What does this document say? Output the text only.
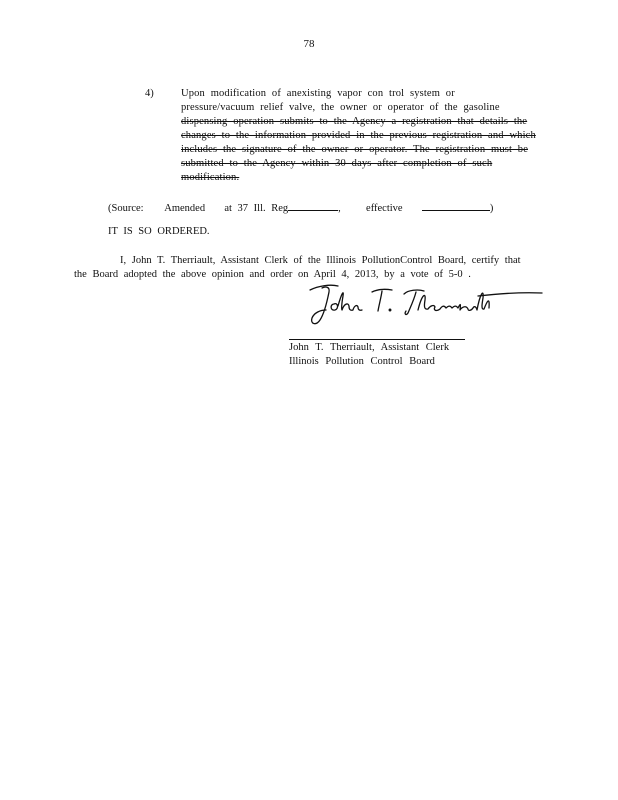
78
4)	Upon modification of anexisting vapor con trol system or
pressure/vacuum relief valve, the owner or operator of the gasoline
dispensing operation submits to the Agency a registration that details the
changes to the information provided in the previous registration and which
includes the signature of the owner or operator. The registration must be
submitted to the Agency within 30 days after completion of such
modification.
(Source: Amended at 37 Ill. Reg	, effective	)
IT IS SO ORDERED.
I, John T. Therriault, Assistant Clerk of the Illinois PollutionControl Board, certify that
the Board adopted the above opinion and order on April 4, 2013, by a vote of 5-0 .
John T. Therriault, Assistant Clerk
Illinois Pollution Control Board
